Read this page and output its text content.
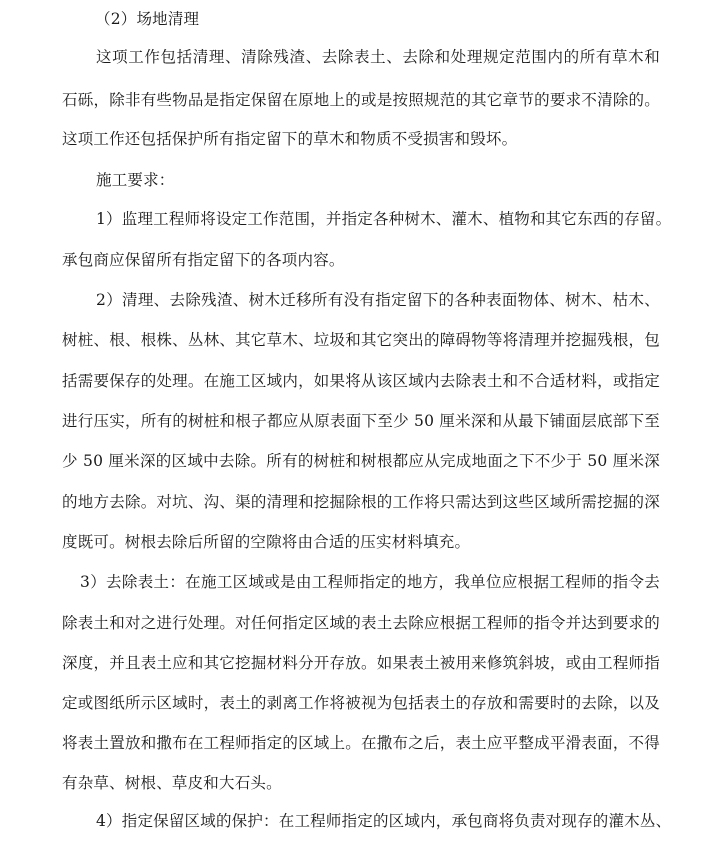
（2）场地清理
这项工作包括清理、清除残渣、去除表土、去除和处理规定范围内的所有草木和
石砾，除非有些物品是指定保留在原地上的或是按照规范的其它章节的要求不清除的。
这项工作还包括保护所有指定留下的草木和物质不受损害和毁坏。
施工要求：
1）监理工程师将设定工作范围，并指定各种树木、灌木、植物和其它东西的存留。
承包商应保留所有指定留下的各项内容。
2）清理、去除残渣、树木迁移所有没有指定留下的各种表面物体、树木、枯木、
树桩、根、根株、丛林、其它草木、垃圾和其它突出的障碍物等将清理并挖掘残根，包
括需要保存的处理。在施工区域内，如果将从该区域内去除表土和不合适材料，或指定
进行压实，所有的树桩和根子都应从原表面下至少 50 厘米深和从最下铺面层底部下至
少 50 厘米深的区域中去除。所有的树桩和树根都应从完成地面之下不少于 50 厘米深
的地方去除。对坑、沟、渠的清理和挖掘除根的工作将只需达到这些区域所需挖掘的深
度既可。树根去除后所留的空隙将由合适的压实材料填充。
3）去除表土：在施工区域或是由工程师指定的地方，我单位应根据工程师的指令去
除表土和对之进行处理。对任何指定区域的表土去除应根据工程师的指令并达到要求的
深度，并且表土应和其它挖掘材料分开存放。如果表土被用来修筑斜坡，或由工程师指
定或图纸所示区域时，表土的剥离工作将被视为包括表土的存放和需要时的去除，以及
将表土置放和撒布在工程师指定的区域上。在撒布之后，表土应平整成平滑表面，不得
有杂草、树根、草皮和大石头。
4）指定保留区域的保护：在工程师指定的区域内，承包商将负责对现存的灌木丛、
